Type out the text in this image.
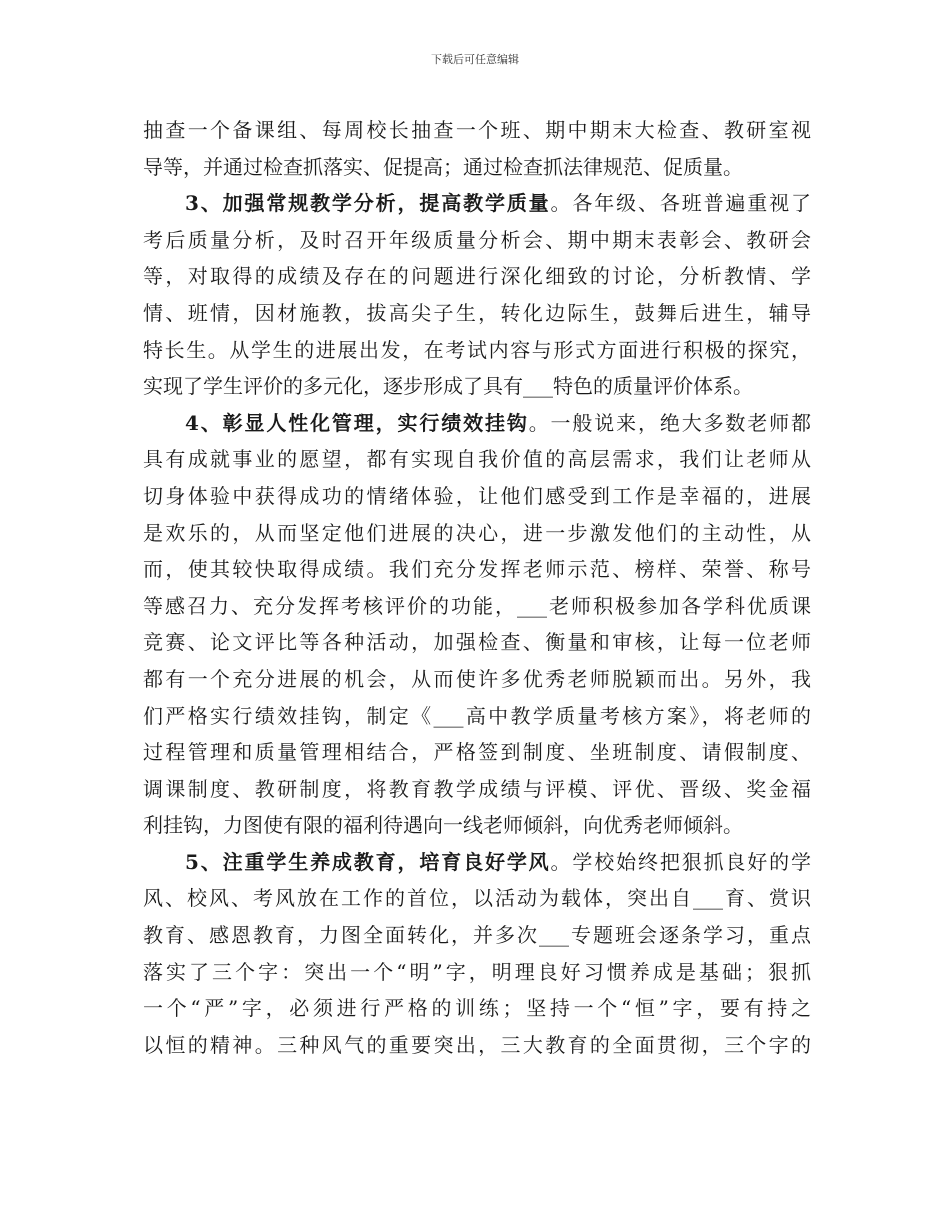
下载后可任意编辑
抽查一个备课组、每周校长抽查一个班、期中期末大检查、教研室视
导等，并通过检查抓落实、促提高；通过检查抓法律规范、促质量。
3、加强常规教学分析，提高教学质量。各年级、各班普遍重视了
考后质量分析，及时召开年级质量分析会、期中期末表彰会、教研会
等，对取得的成绩及存在的问题进行深化细致的讨论，分析教情、学
情、班情，因材施教，拔高尖子生，转化边际生，鼓舞后进生，辅导
特长生。从学生的进展出发，在考试内容与形式方面进行积极的探究，
实现了学生评价的多元化，逐步形成了具有___特色的质量评价体系。
4、彰显人性化管理，实行绩效挂钩。一般说来，绝大多数老师都
具有成就事业的愿望，都有实现自我价值的高层需求，我们让老师从
切身体验中获得成功的情绪体验，让他们感受到工作是幸福的，进展
是欢乐的，从而坚定他们进展的决心，进一步激发他们的主动性，从
而，使其较快取得成绩。我们充分发挥老师示范、榜样、荣誉、称号
等感召力、充分发挥考核评价的功能，___老师积极参加各学科优质课
竞赛、论文评比等各种活动，加强检查、衡量和审核，让每一位老师
都有一个充分进展的机会，从而使许多优秀老师脱颖而出。另外，我
们严格实行绩效挂钩，制定《___高中教学质量考核方案》，将老师的
过程管理和质量管理相结合，严格签到制度、坐班制度、请假制度、
调课制度、教研制度，将教育教学成绩与评模、评优、晋级、奖金福
利挂钩，力图使有限的福利待遇向一线老师倾斜，向优秀老师倾斜。
5、注重学生养成教育，培育良好学风。学校始终把狠抓良好的学
风、校风、考风放在工作的首位，以活动为载体，突出自___育、赏识
教育、感恩教育，力图全面转化，并多次___专题班会逐条学习，重点
落实了三个字：突出一个“明”字，明理良好习惯养成是基础；狠抓
一个“严”字，必须进行严格的训练；坚持一个“恒”字，要有持之
以恒的精神。三种风气的重要突出，三大教育的全面贯彻，三个字的
